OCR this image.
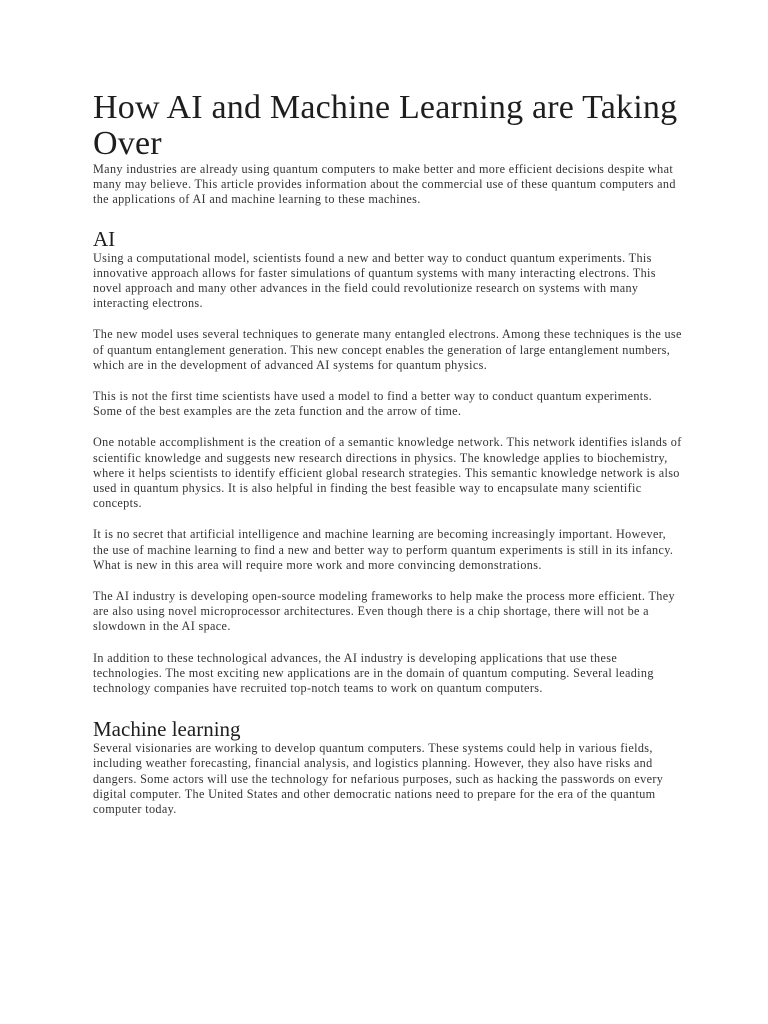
How AI and Machine Learning are Taking Over

Many industries are already using quantum computers to make better and more efficient decisions despite what many may believe. This article provides information about the commercial use of these quantum computers and the applications of AI and machine learning to these machines.

AI

Using a computational model, scientists found a new and better way to conduct quantum experiments. This innovative approach allows for faster simulations of quantum systems with many interacting electrons. This novel approach and many other advances in the field could revolutionize research on systems with many interacting electrons.

The new model uses several techniques to generate many entangled electrons. Among these techniques is the use of quantum entanglement generation. This new concept enables the generation of large entanglement numbers, which are in the development of advanced AI systems for quantum physics.

This is not the first time scientists have used a model to find a better way to conduct quantum experiments. Some of the best examples are the zeta function and the arrow of time.

One notable accomplishment is the creation of a semantic knowledge network. This network identifies islands of scientific knowledge and suggests new research directions in physics. The knowledge applies to biochemistry, where it helps scientists to identify efficient global research strategies. This semantic knowledge network is also used in quantum physics. It is also helpful in finding the best feasible way to encapsulate many scientific concepts.

It is no secret that artificial intelligence and machine learning are becoming increasingly important. However, the use of machine learning to find a new and better way to perform quantum experiments is still in its infancy. What is new in this area will require more work and more convincing demonstrations.

The AI industry is developing open-source modeling frameworks to help make the process more efficient. They are also using novel microprocessor architectures. Even though there is a chip shortage, there will not be a slowdown in the AI space.

In addition to these technological advances, the AI industry is developing applications that use these technologies. The most exciting new applications are in the domain of quantum computing. Several leading technology companies have recruited top-notch teams to work on quantum computers.

Machine learning

Several visionaries are working to develop quantum computers. These systems could help in various fields, including weather forecasting, financial analysis, and logistics planning. However, they also have risks and dangers. Some actors will use the technology for nefarious purposes, such as hacking the passwords on every digital computer. The United States and other democratic nations need to prepare for the era of the quantum computer today.
